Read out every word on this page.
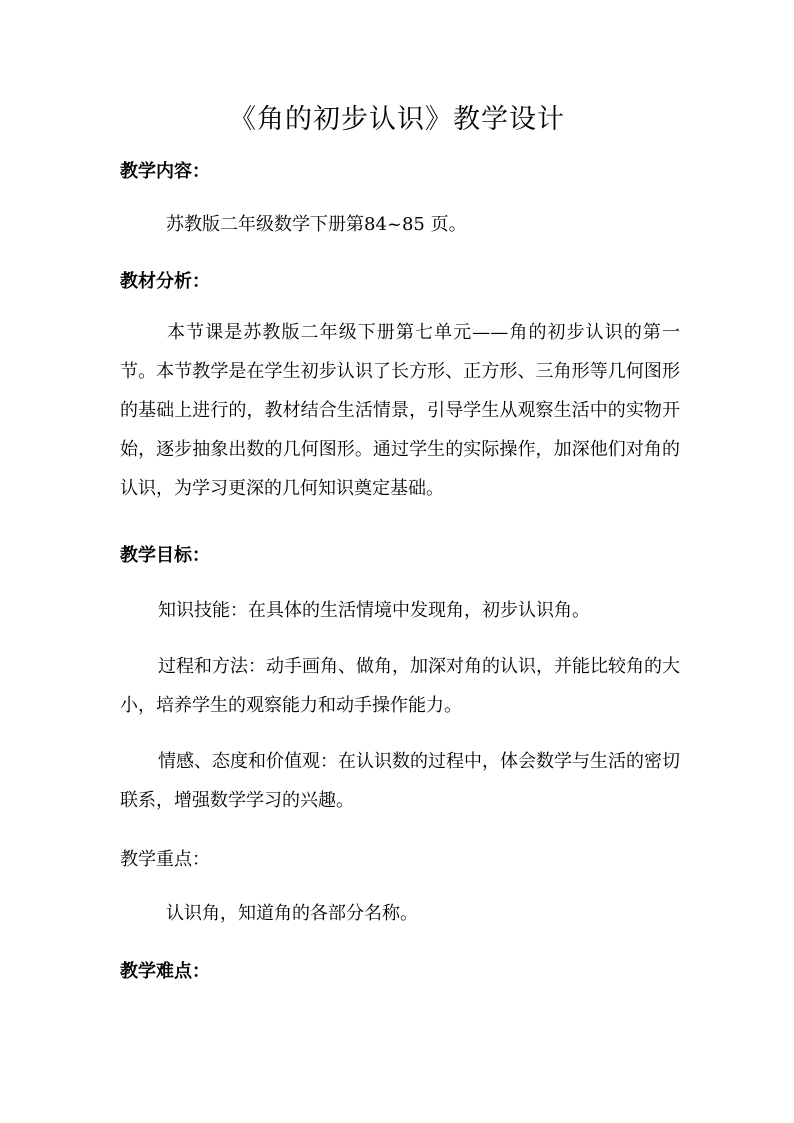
《角的初步认识》教学设计
教学内容：
苏教版二年级数学下册第84~85 页。
教材分析：
本节课是苏教版二年级下册第七单元——角的初步认识的第一节。本节教学是在学生初步认识了长方形、正方形、三角形等几何图形的基础上进行的，教材结合生活情景，引导学生从观察生活中的实物开始，逐步抽象出数的几何图形。通过学生的实际操作，加深他们对角的认识，为学习更深的几何知识奠定基础。
教学目标：
知识技能：在具体的生活情境中发现角，初步认识角。
过程和方法：动手画角、做角，加深对角的认识，并能比较角的大小，培养学生的观察能力和动手操作能力。
情感、态度和价值观：在认识数的过程中，体会数学与生活的密切联系，增强数学学习的兴趣。
教学重点：
认识角，知道角的各部分名称。
教学难点：
